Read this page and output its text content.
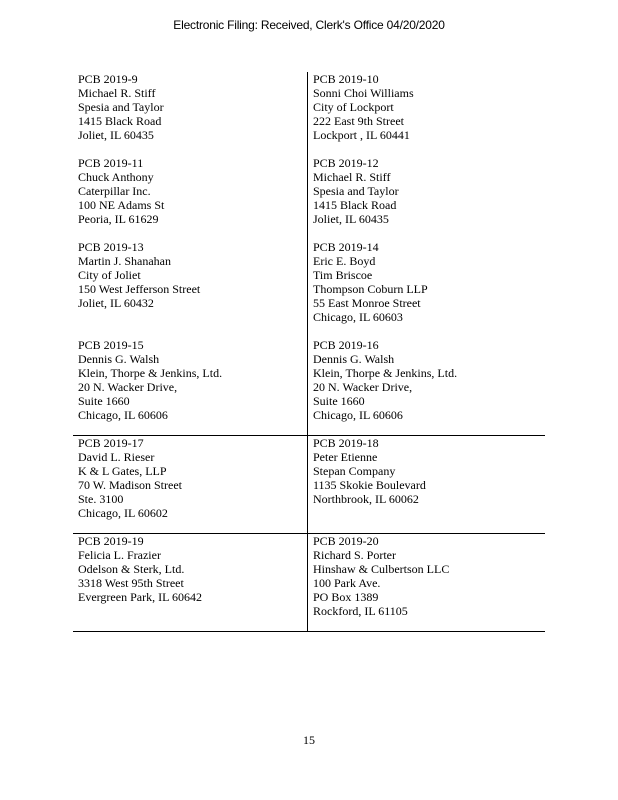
Electronic Filing: Received, Clerk's Office 04/20/2020
PCB 2019-9
Michael R. Stiff
Spesia and Taylor
1415 Black Road
Joliet, IL 60435
PCB 2019-10
Sonni Choi Williams
City of Lockport
222 East 9th Street
Lockport , IL 60441
PCB 2019-11
Chuck Anthony
Caterpillar Inc.
100 NE Adams St
Peoria, IL 61629
PCB 2019-12
Michael R. Stiff
Spesia and Taylor
1415 Black Road
Joliet, IL 60435
PCB 2019-13
Martin J. Shanahan
City of Joliet
150 West Jefferson Street
Joliet, IL 60432
PCB 2019-14
Eric E. Boyd
Tim Briscoe
Thompson Coburn LLP
55 East Monroe Street
Chicago, IL 60603
PCB 2019-15
Dennis G. Walsh
Klein, Thorpe & Jenkins, Ltd.
20 N. Wacker Drive,
Suite 1660
Chicago, IL 60606
PCB 2019-16
Dennis G. Walsh
Klein, Thorpe & Jenkins, Ltd.
20 N. Wacker Drive,
Suite 1660
Chicago, IL 60606
PCB 2019-17
David L. Rieser
K & L Gates, LLP
70 W. Madison Street
Ste. 3100
Chicago, IL 60602
PCB 2019-18
Peter Etienne
Stepan Company
1135 Skokie Boulevard
Northbrook, IL 60062
PCB 2019-19
Felicia L. Frazier
Odelson & Sterk, Ltd.
3318 West 95th Street
Evergreen Park, IL 60642
PCB 2019-20
Richard S. Porter
Hinshaw & Culbertson LLC
100 Park Ave.
PO Box 1389
Rockford, IL 61105
15
